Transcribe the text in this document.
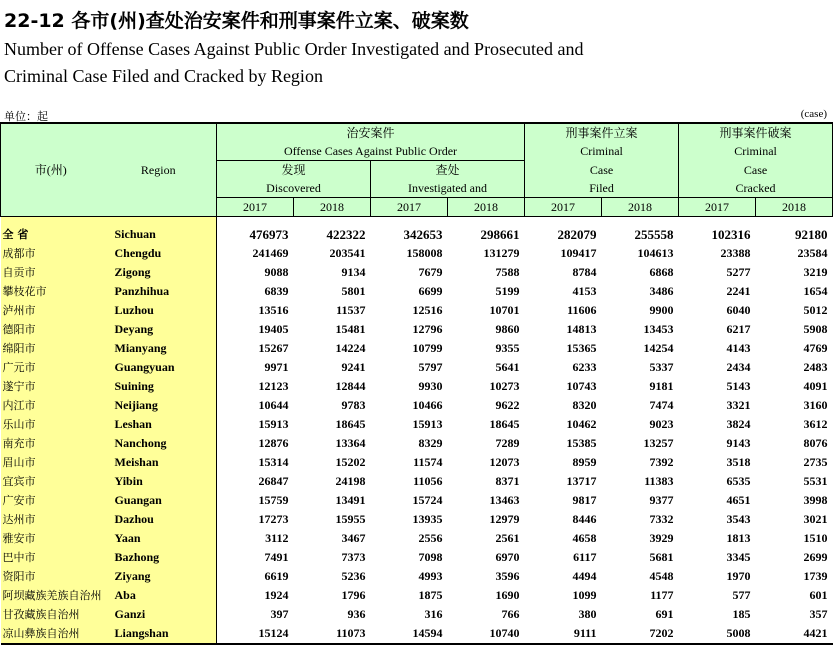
22-12 各市(州)查处治安案件和刑事案件立案、破案数
Number of Offense Cases Against Public Order Investigated and Prosecuted and
Criminal Case Filed and Cracked by Region
单位：起	(case)
		治安案件				刑事案件立案		刑事案件破案	
		Offense Cases Against Public Order				Criminal		Criminal	
市(州)	Region	发现		查处		Case		Case	
		Discovered		Investigated and		Filed		Cracked	
		2017	2018	2017	2018	2017	2018	2017	2018

全 省	Sichuan	476973	422322	342653	298661	282079	255558	102316	92180
成都市	Chengdu	241469	203541	158008	131279	109417	104613	23388	23584
自贡市	Zigong	9088	9134	7679	7588	8784	6868	5277	3219
攀枝花市	Panzhihua	6839	5801	6699	5199	4153	3486	2241	1654
泸州市	Luzhou	13516	11537	12516	10701	11606	9900	6040	5012
德阳市	Deyang	19405	15481	12796	9860	14813	13453	6217	5908
绵阳市	Mianyang	15267	14224	10799	9355	15365	14254	4143	4769
广元市	Guangyuan	9971	9241	5797	5641	6233	5337	2434	2483
遂宁市	Suining	12123	12844	9930	10273	10743	9181	5143	4091
内江市	Neijiang	10644	9783	10466	9622	8320	7474	3321	3160
乐山市	Leshan	15913	18645	15913	18645	10462	9023	3824	3612
南充市	Nanchong	12876	13364	8329	7289	15385	13257	9143	8076
眉山市	Meishan	15314	15202	11574	12073	8959	7392	3518	2735
宜宾市	Yibin	26847	24198	11056	8371	13717	11383	6535	5531
广安市	Guangan	15759	13491	15724	13463	9817	9377	4651	3998
达州市	Dazhou	17273	15955	13935	12979	8446	7332	3543	3021
雅安市	Yaan	3112	3467	2556	2561	4658	3929	1813	1510
巴中市	Bazhong	7491	7373	7098	6970	6117	5681	3345	2699
资阳市	Ziyang	6619	5236	4993	3596	4494	4548	1970	1739
阿坝藏族羌族自治州	Aba	1924	1796	1875	1690	1099	1177	577	601
甘孜藏族自治州	Ganzi	397	936	316	766	380	691	185	357
凉山彝族自治州	Liangshan	15124	11073	14594	10740	9111	7202	5008	4421
